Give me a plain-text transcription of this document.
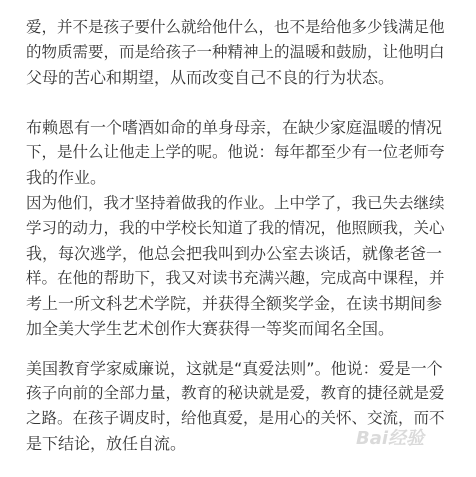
爱，并不是孩子要什么就给他什么，也不是给他多少钱满足他
的物质需要，而是给孩子一种精神上的温暖和鼓励，让他明白
父母的苦心和期望，从而改变自己不良的行为状态。
布赖恩有一个嗜酒如命的单身母亲，在缺少家庭温暖的情况
下，是什么让他走上学的呢。他说：每年都至少有一位老师夸
我的作业。
因为他们，我才坚持着做我的作业。上中学了，我已失去继续
学习的动力，我的中学校长知道了我的情况，他照顾我，关心
我，每次逃学，他总会把我叫到办公室去谈话，就像老爸一
样。在他的帮助下，我又对读书充满兴趣，完成高中课程，并
考上一所文科艺术学院，并获得全额奖学金，在读书期间参
加全美大学生艺术创作大赛获得一等奖而闻名全国。
美国教育学家威廉说，这就是“真爱法则”。他说：爱是一个
孩子向前的全部力量，教育的秘诀就是爱，教育的捷径就是爱
之路。在孩子调皮时，给他真爱，是用心的关怀、交流，而不
是下结论，放任自流。	Bai经验
